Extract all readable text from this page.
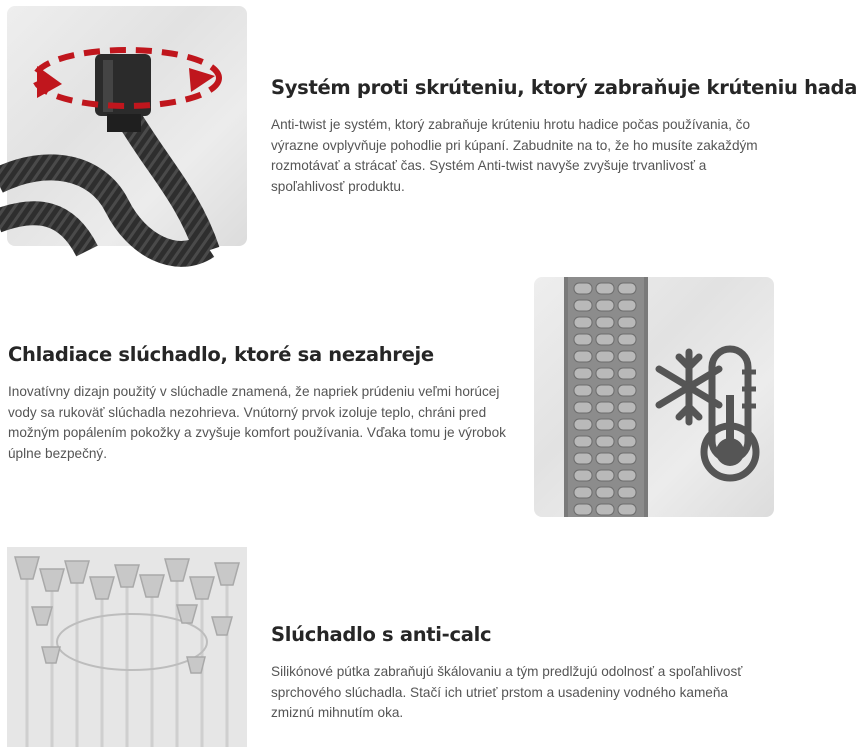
Systém proti skrúteniu, ktorý zabraňuje krúteniu hada

Anti-twist je systém, ktorý zabraňuje krúteniu hrotu hadice počas používania, čo výrazne ovplyvňuje pohodlie pri kúpaní. Zabudnite na to, že ho musíte zakaždým rozmotávať a strácať čas. Systém Anti-twist navyše zvyšuje trvanlivosť a spoľahlivosť produktu.

Chladiace slúchadlo, ktoré sa nezahreje

Inovatívny dizajn použitý v slúchadle znamená, že napriek prúdeniu veľmi horúcej vody sa rukoväť slúchadla nezohrieva. Vnútorný prvok izoluje teplo, chráni pred možným popálením pokožky a zvyšuje komfort používania. Vďaka tomu je výrobok úplne bezpečný.

Slúchadlo s anti-calc

Silikónové pútka zabraňujú škálovaniu a tým predlžujú odolnosť a spoľahlivosť sprchového slúchadla. Stačí ich utrieť prstom a usadeniny vodného kameňa zmiznú mihnutím oka.
